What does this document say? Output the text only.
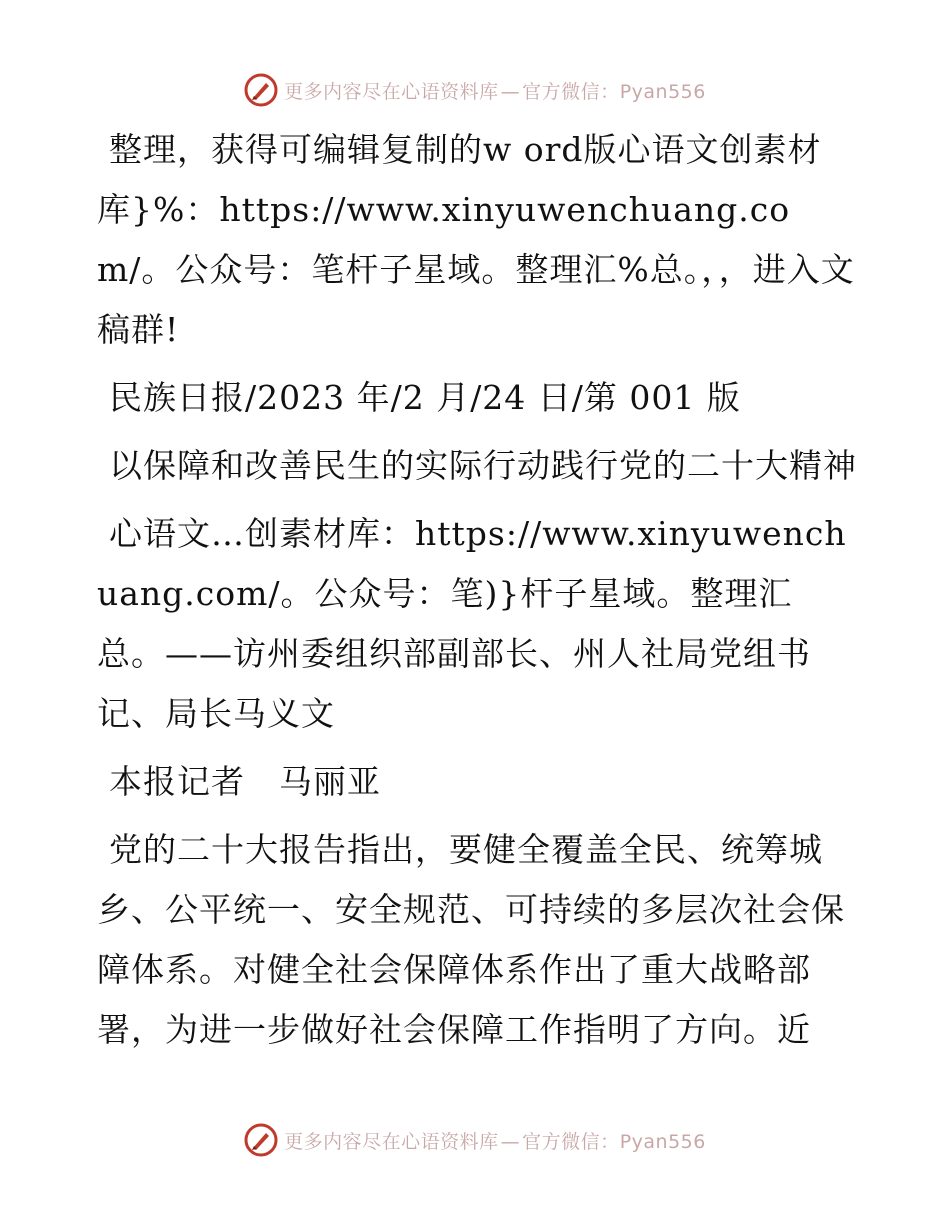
更多内容尽在心语资料库 — 官方微信：Pyan556

整理，获得可编辑复制的w ord版心语文创素材库}%：https://www.xinyuwenchuang.com/。公众号：笔杆子星域。整理汇%总。，，进入文稿群!

民族日报/2023 年/2 月/24 日/第 001 版

以保障和改善民生的实际行动践行党的二十大精神

心语文…创素材库：https://www.xinyuwenchuang.com/。公众号：笔)}杆子星域。整理汇总。——访州委组织部副部长、州人社局党组书记、局长马义文

本报记者　马丽亚

党的二十大报告指出，要健全覆盖全民、统筹城乡、公平统一、安全规范、可持续的多层次社会保障体系。对健全社会保障体系作出了重大战略部署，为进一步做好社会保障工作指明了方向。近

更多内容尽在心语资料库 — 官方微信：Pyan556
